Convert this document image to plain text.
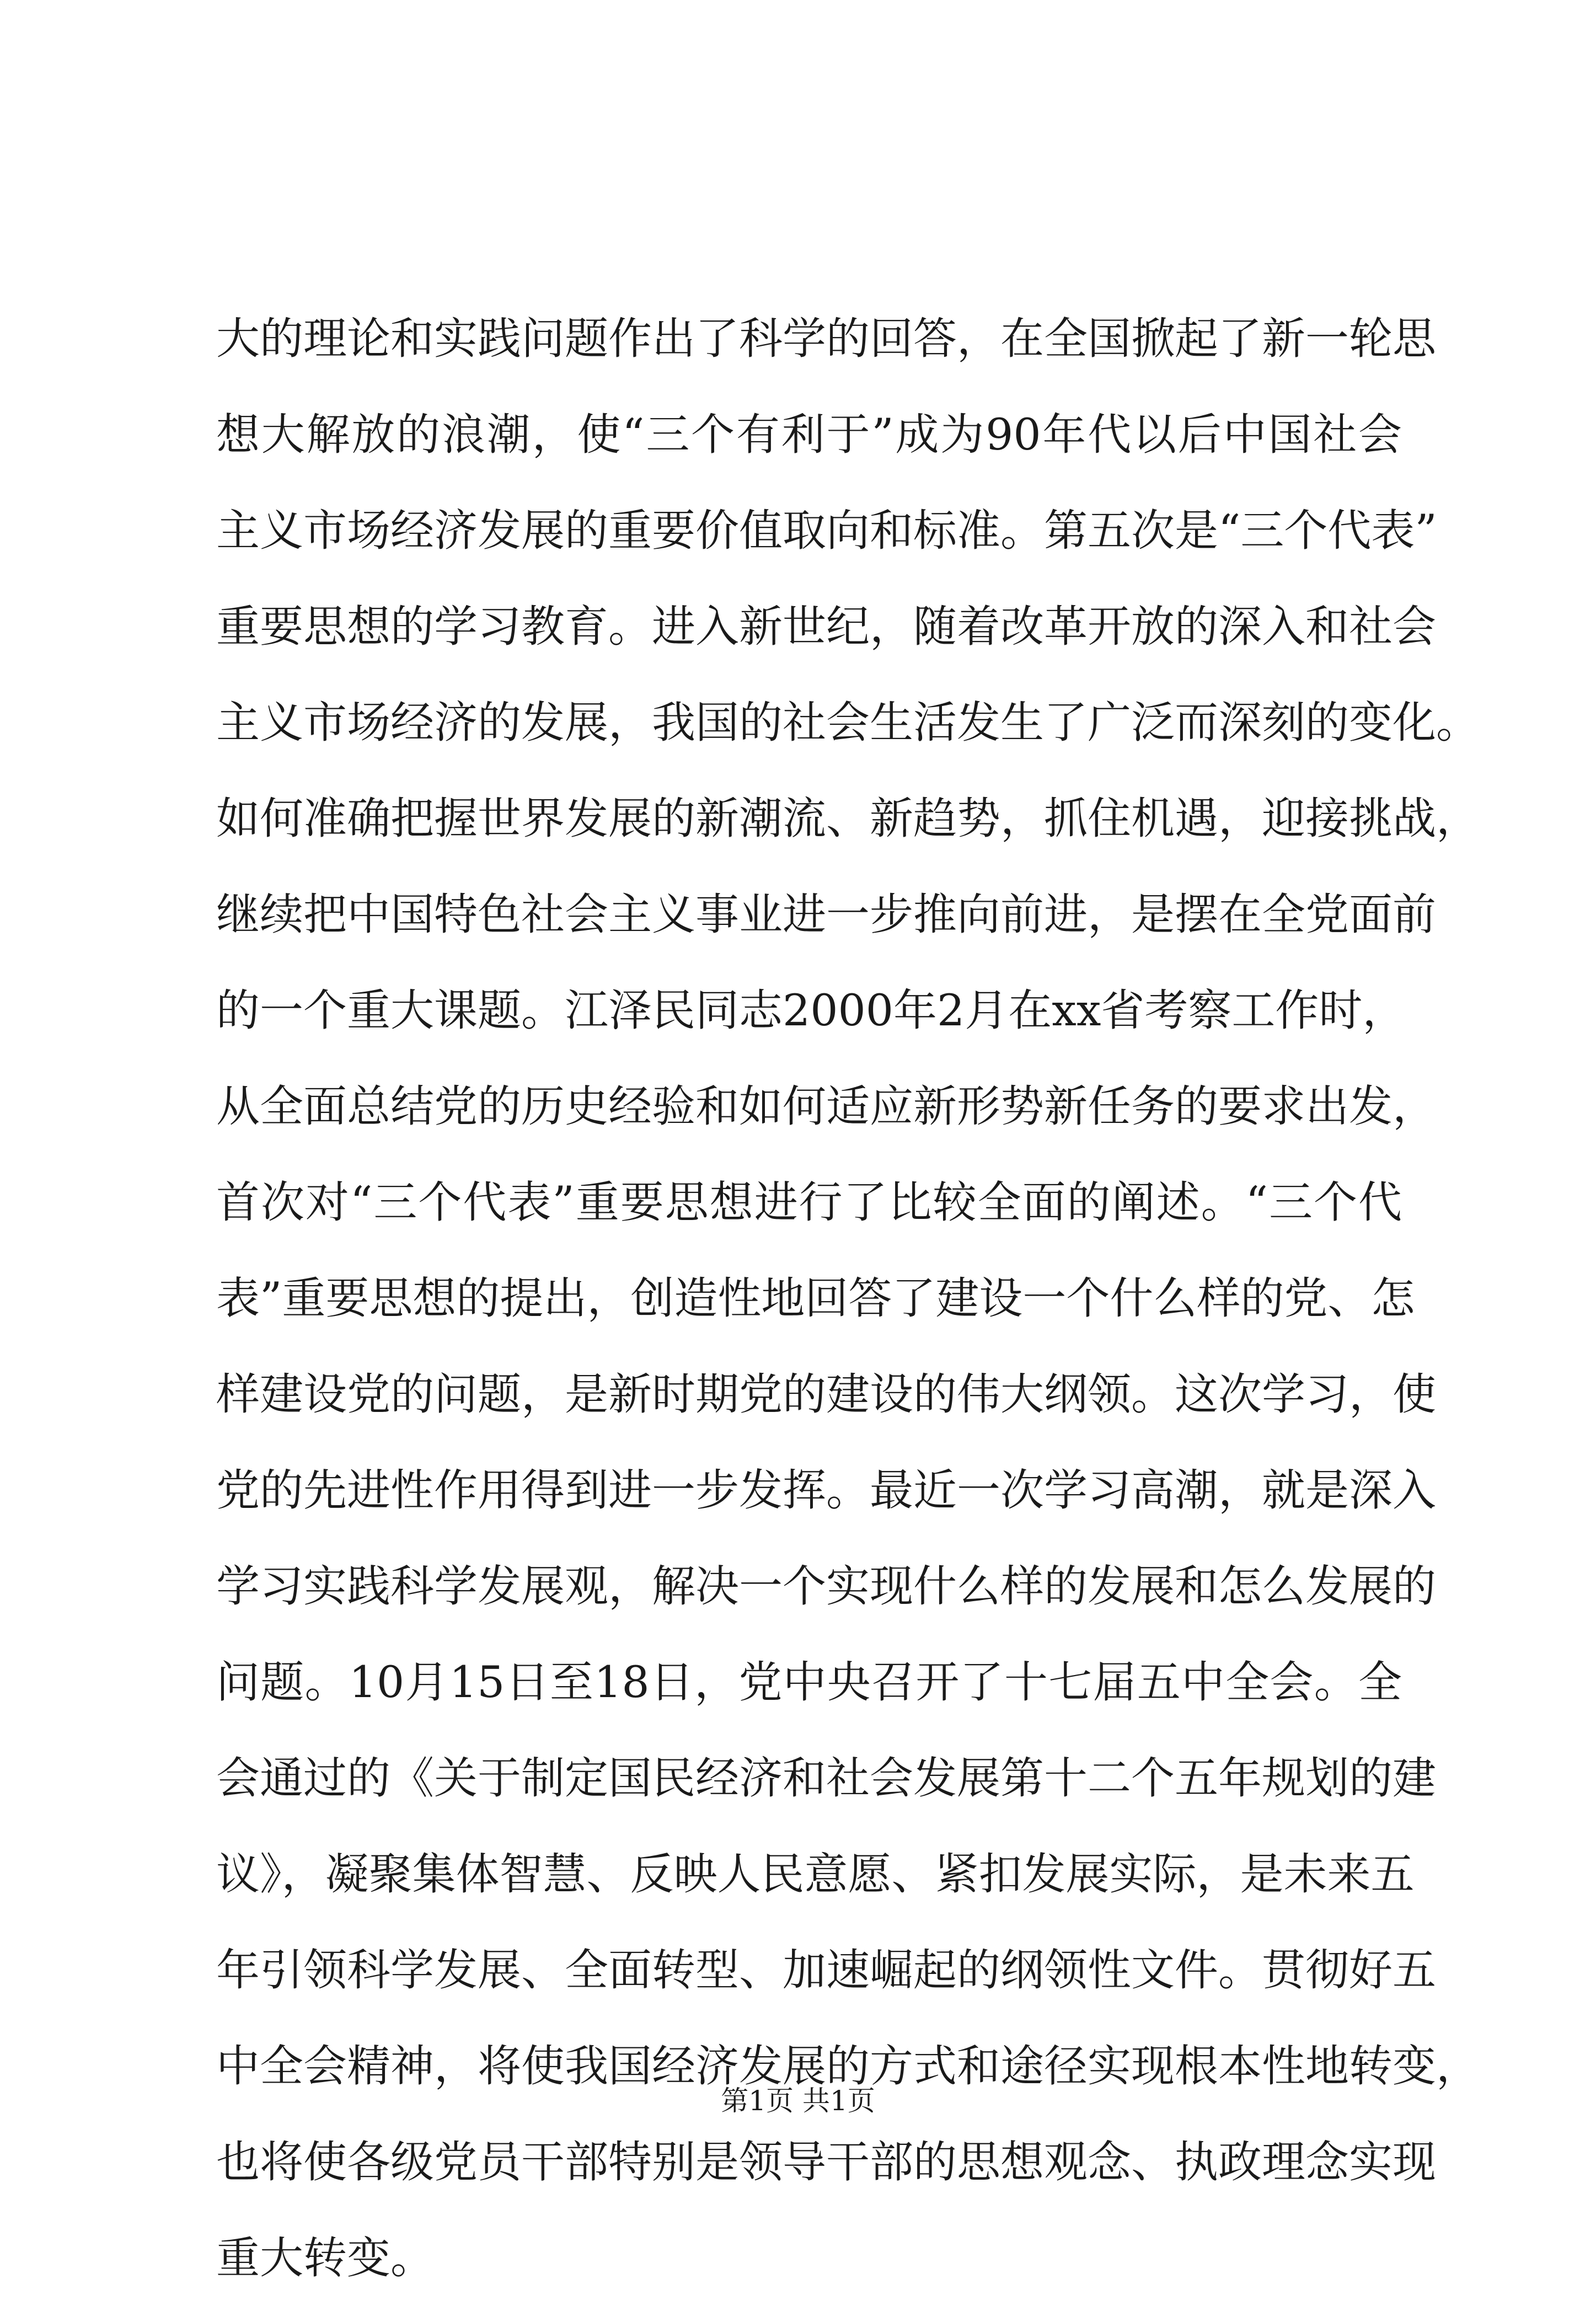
大的理论和实践问题作出了科学的回答，在全国掀起了新一轮思
想大解放的浪潮，使“三个有利于”成为90年代以后中国社会
主义市场经济发展的重要价值取向和标准。第五次是“三个代表”
重要思想的学习教育。进入新世纪，随着改革开放的深入和社会
主义市场经济的发展，我国的社会生活发生了广泛而深刻的变化。
如何准确把握世界发展的新潮流、新趋势，抓住机遇，迎接挑战，
继续把中国特色社会主义事业进一步推向前进，是摆在全党面前
的一个重大课题。江泽民同志2000年2月在xx省考察工作时，
从全面总结党的历史经验和如何适应新形势新任务的要求出发，
首次对“三个代表”重要思想进行了比较全面的阐述。“三个代
表”重要思想的提出，创造性地回答了建设一个什么样的党、怎
样建设党的问题，是新时期党的建设的伟大纲领。这次学习，使
党的先进性作用得到进一步发挥。最近一次学习高潮，就是深入
学习实践科学发展观，解决一个实现什么样的发展和怎么发展的
问题。10月15日至18日，党中央召开了十七届五中全会。全
会通过的《关于制定国民经济和社会发展第十二个五年规划的建
议》，凝聚集体智慧、反映人民意愿、紧扣发展实际，是未来五
年引领科学发展、全面转型、加速崛起的纲领性文件。贯彻好五
中全会精神，将使我国经济发展的方式和途径实现根本性地转变，
也将使各级党员干部特别是领导干部的思想观念、执政理念实现
重大转变。
第1页 共1页
